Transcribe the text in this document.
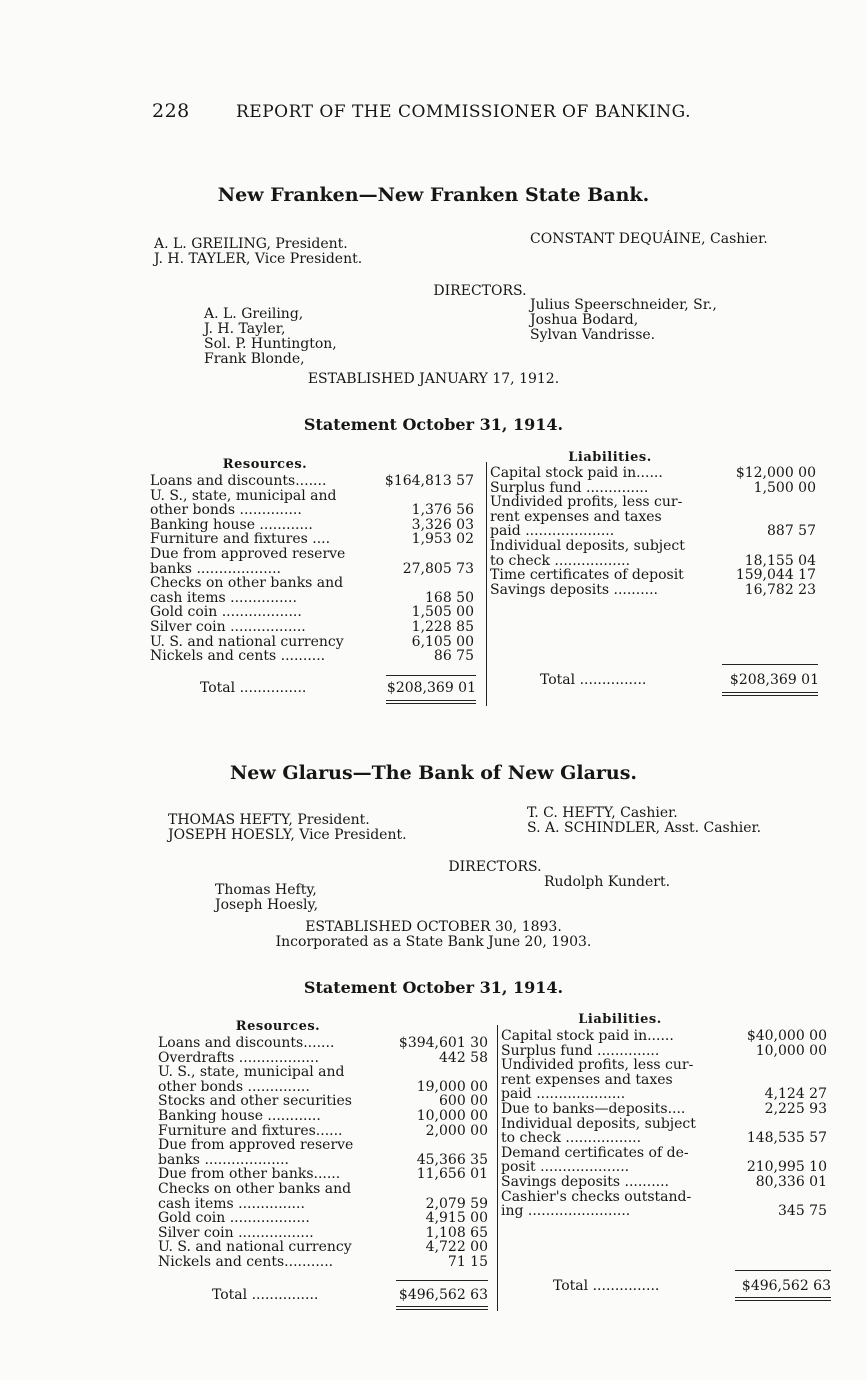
228	REPORT OF THE COMMISSIONER OF BANKING.
New Franken—New Franken State Bank.
A. L. GREILING, President.
J. H. TAYLER, Vice President.
CONSTANT DEQUÁINE, Cashier.
DIRECTORS.
A. L. Greiling,
J. H. Tayler,
Sol. P. Huntington,
Frank Blonde,
Julius Speerschneider, Sr.,
Joshua Bodard,
Sylvan Vandrisse.
ESTABLISHED JANUARY 17, 1912.
Statement October 31, 1914.
Resources.	Liabilities.
Loans and discounts.......	$164,813 57
U. S., state, municipal and
other bonds ..............	1,376 56
Banking house ............	3,326 03
Furniture and fixtures ....	1,953 02
Due from approved reserve
banks ...................	27,805 73
Checks on other banks and
cash items ...............	168 50
Gold coin ..................	1,505 00
Silver coin .................	1,228 85
U. S. and national currency	6,105 00
Nickels and cents ..........	86 75
Capital stock paid in......	$12,000 00
Surplus fund ..............	1,500 00
Undivided profits, less cur-
rent expenses and taxes
paid ....................	887 57
Individual deposits, subject
to check .................	18,155 04
Time certificates of deposit	159,044 17
Savings deposits ..........	16,782 23
Total ...............	$208,369 01	Total ...............	$208,369 01
New Glarus—The Bank of New Glarus.
THOMAS HEFTY, President.
JOSEPH HOESLY, Vice President.
T. C. HEFTY, Cashier.
S. A. SCHINDLER, Asst. Cashier.
DIRECTORS.
Thomas Hefty,
Joseph Hoesly,
Rudolph Kundert.
ESTABLISHED OCTOBER 30, 1893.
Incorporated as a State Bank June 20, 1903.
Statement October 31, 1914.
Resources.	Liabilities.
Loans and discounts.......	$394,601 30
Overdrafts ..................	442 58
U. S., state, municipal and
other bonds ..............	19,000 00
Stocks and other securities	600 00
Banking house ............	10,000 00
Furniture and fixtures......	2,000 00
Due from approved reserve
banks ...................	45,366 35
Due from other banks......	11,656 01
Checks on other banks and
cash items ...............	2,079 59
Gold coin ..................	4,915 00
Silver coin .................	1,108 65
U. S. and national currency	4,722 00
Nickels and cents...........	71 15
Capital stock paid in......	$40,000 00
Surplus fund ..............	10,000 00
Undivided profits, less cur-
rent expenses and taxes
paid ....................	4,124 27
Due to banks—deposits....	2,225 93
Individual deposits, subject
to check .................	148,535 57
Demand certificates of de-
posit ....................	210,995 10
Savings deposits ..........	80,336 01
Cashier's checks outstand-
ing .......................	345 75
Total ...............	$496,562 63
Total ...............	$496,562 63
